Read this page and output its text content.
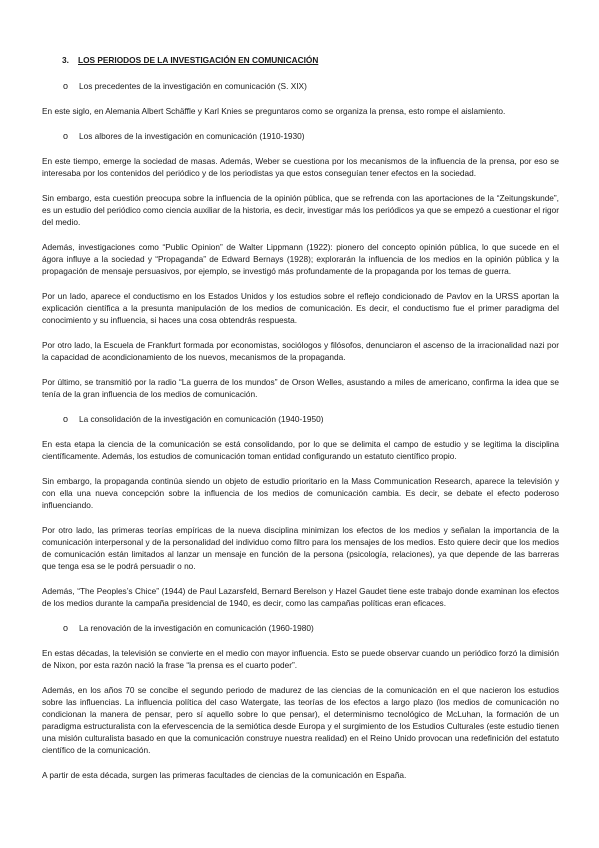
3.	LOS PERIODOS DE LA INVESTIGACIÓN EN COMUNICACIÓN
o	Los precedentes de la investigación en comunicación (S. XIX)

En este siglo, en Alemania Albert Schäffle y Karl Knies se preguntaros como se organiza la prensa, esto rompe el aislamiento.

o	Los albores de la investigación en comunicación (1910-1930)

En este tiempo, emerge la sociedad de masas. Además, Weber se cuestiona por los mecanismos de la influencia de la prensa, por eso se interesaba por los contenidos del periódico y de los periodistas ya que estos conseguían tener efectos en la sociedad.

Sin embargo, esta cuestión preocupa sobre la influencia de la opinión pública, que se refrenda con las aportaciones de la “Zeitungskunde”, es un estudio del periódico como ciencia auxiliar de la historia, es decir, investigar más los periódicos ya que se empezó a cuestionar el rigor del medio.

Además, investigaciones como “Public Opinion” de Walter Lippmann (1922): pionero del concepto opinión pública, lo que sucede en el ágora influye a la sociedad y “Propaganda” de Edward Bernays (1928); explorarán la influencia de los medios en la opinión pública y la propagación de mensaje persuasivos, por ejemplo, se investigó más profundamente de la propaganda por los temas de guerra.

Por un lado, aparece el conductismo en los Estados Unidos y los estudios sobre el reflejo condicionado de Pavlov en la URSS aportan la explicación científica a la presunta manipulación de los medios de comunicación. Es decir, el conductismo fue el primer paradigma del conocimiento y su influencia, si haces una cosa obtendrás respuesta.

Por otro lado, la Escuela de Frankfurt formada por economistas, sociólogos y filósofos, denunciaron el ascenso de la irracionalidad nazi por la capacidad de acondicionamiento de los nuevos, mecanismos de la propaganda.

Por último, se transmitió por la radio “La guerra de los mundos” de Orson Welles, asustando a miles de americano, confirma la idea que se tenía de la gran influencia de los medios de comunicación.

o	La consolidación de la investigación en comunicación (1940-1950)

En esta etapa la ciencia de la comunicación se está consolidando, por lo que se delimita el campo de estudio y se legitima la disciplina científicamente. Además, los estudios de comunicación toman entidad configurando un estatuto científico propio.

Sin embargo, la propaganda continúa siendo un objeto de estudio prioritario en la Mass Communication Research, aparece la televisión y con ella una nueva concepción sobre la influencia de los medios de comunicación cambia. Es decir, se debate el efecto poderoso influenciando.

Por otro lado, las primeras teorías empíricas de la nueva disciplina minimizan los efectos de los medios y señalan la importancia de la comunicación interpersonal y de la personalidad del individuo como filtro para los mensajes de los medios. Esto quiere decir que los medios de comunicación están limitados al lanzar un mensaje en función de la persona (psicología, relaciones), ya que depende de las barreras que tenga esa se le podrá persuadir o no.

Además, “The Peoples’s Chice” (1944) de Paul Lazarsfeld, Bernard Berelson y Hazel Gaudet tiene este trabajo donde examinan los efectos de los medios durante la campaña presidencial de 1940, es decir, como las campañas políticas eran eficaces.

o	La renovación de la investigación en comunicación (1960-1980)

En estas décadas, la televisión se convierte en el medio con mayor influencia. Esto se puede observar cuando un periódico forzó la dimisión de Nixon, por esta razón nació la frase “la prensa es el cuarto poder”.

Además, en los años 70 se concibe el segundo periodo de madurez de las ciencias de la comunicación en el que nacieron los estudios sobre las influencias. La influencia política del caso Watergate, las teorías de los efectos a largo plazo (los medios de comunicación no condicionan la manera de pensar, pero sí aquello sobre lo que pensar), el determinismo tecnológico de McLuhan, la formación de un paradigma estructuralista con la efervescencia de la semiótica desde Europa y el surgimiento de los Estudios Culturales (este estudio tienen una misión culturalista basado en que la comunicación construye nuestra realidad) en el Reino Unido provocan una redefinición del estatuto científico de la comunicación.

A partir de esta década, surgen las primeras facultades de ciencias de la comunicación en España.
